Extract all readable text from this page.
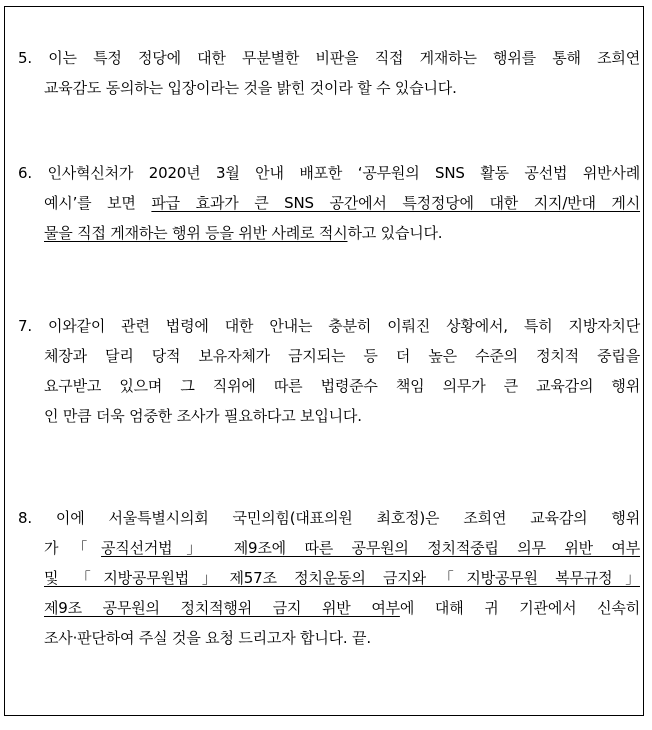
5. 이는 특정 정당에 대한 무분별한 비판을 직접 게재하는 행위를 통해 조희연
교육감도 동의하는 입장이라는 것을 밝힌 것이라 할 수 있습니다.
6. 인사혁신처가 2020년 3월 안내 배포한 ‘공무원의 SNS 활동 공선법 위반사례
예시’를 보면 파급 효과가 큰 SNS 공간에서 특정정당에 대한 지지/반대 게시
물을 직접 게재하는 행위 등을 위반 사례로 적시하고 있습니다.
7. 이와같이 관련 법령에 대한 안내는 충분히 이뤄진 상황에서, 특히 지방자치단
체장과 달리 당적 보유자체가 금지되는 등 더 높은 수준의 정치적 중립을
요구받고 있으며 그 직위에 따른 법령준수 책임 의무가 큰 교육감의 행위
인 만큼 더욱 엄중한 조사가 필요하다고 보입니다.
8. 이에 서울특별시의회 국민의힘(대표의원 최호정)은 조희연 교육감의 행위
가「공직선거법」 제9조에 따른 공무원의 정치적중립 의무 위반 여부
및 「지방공무원법」제57조 정치운동의 금지와「지방공무원 복무규정」
제9조 공무원의 정치적행위 금지 위반 여부에 대해 귀 기관에서 신속히
조사·판단하여 주실 것을 요청 드리고자 합니다. 끝.
